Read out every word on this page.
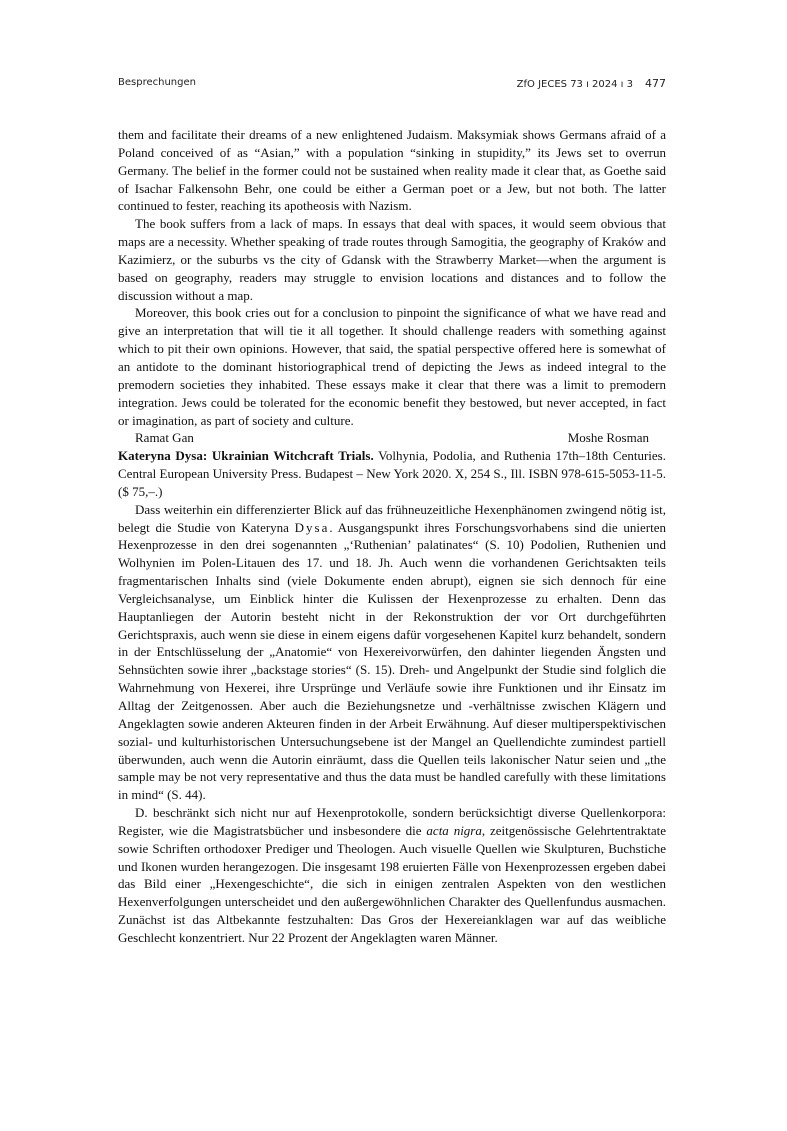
Besprechungen	ZfO JECES 73 ı 2024 ı 3 477

them and facilitate their dreams of a new enlightened Judaism. Maksymiak shows Germans afraid of a Poland conceived of as “Asian,” with a population “sinking in stupidity,” its Jews set to overrun Germany. The belief in the former could not be sustained when reality made it clear that, as Goethe said of Isachar Falkensohn Behr, one could be either a German poet or a Jew, but not both. The latter continued to fester, reaching its apotheosis with Nazism.

The book suffers from a lack of maps. In essays that deal with spaces, it would seem obvious that maps are a necessity. Whether speaking of trade routes through Samogitia, the geography of Kraków and Kazimierz, or the suburbs vs the city of Gdansk with the Strawberry Market—when the argument is based on geography, readers may struggle to envision locations and distances and to follow the discussion without a map.

Moreover, this book cries out for a conclusion to pinpoint the significance of what we have read and give an interpretation that will tie it all together. It should challenge readers with something against which to pit their own opinions. However, that said, the spatial perspective offered here is somewhat of an antidote to the dominant historiographical trend of depicting the Jews as indeed integral to the premodern societies they inhabited. These essays make it clear that there was a limit to premodern integration. Jews could be tolerated for the economic benefit they bestowed, but never accepted, in fact or imagination, as part of society and culture.

Ramat Gan	Moshe Rosman

Kateryna Dysa: Ukrainian Witchcraft Trials. Volhynia, Podolia, and Ruthenia 17th–18th Centuries. Central European University Press. Budapest – New York 2020. X, 254 S., Ill. ISBN 978-615-5053-11-5. ($ 75,–.)

Dass weiterhin ein differenzierter Blick auf das frühneuzeitliche Hexenphänomen zwingend nötig ist, belegt die Studie von Kateryna Dysa. Ausgangspunkt ihres Forschungsvorhabens sind die unierten Hexenprozesse in den drei sogenannten „‘Ruthenian’ palatinates“ (S. 10) Podolien, Ruthenien und Wolhynien im Polen-Litauen des 17. und 18. Jh. Auch wenn die vorhandenen Gerichtsakten teils fragmentarischen Inhalts sind (viele Dokumente enden abrupt), eignen sie sich dennoch für eine Vergleichsanalyse, um Einblick hinter die Kulissen der Hexenprozesse zu erhalten. Denn das Hauptanliegen der Autorin besteht nicht in der Rekonstruktion der vor Ort durchgeführten Gerichtspraxis, auch wenn sie diese in einem eigens dafür vorgesehenen Kapitel kurz behandelt, sondern in der Entschlüsselung der „Anatomie“ von Hexereivorwürfen, den dahinter liegenden Ängsten und Sehnsüchten sowie ihrer „backstage stories“ (S. 15). Dreh- und Angelpunkt der Studie sind folglich die Wahrnehmung von Hexerei, ihre Ursprünge und Verläufe sowie ihre Funktionen und ihr Einsatz im Alltag der Zeitgenossen. Aber auch die Beziehungsnetze und -verhältnisse zwischen Klägern und Angeklagten sowie anderen Akteuren finden in der Arbeit Erwähnung. Auf dieser multiperspektivischen sozial- und kulturhistorischen Untersuchungsebene ist der Mangel an Quellendichte zumindest partiell überwunden, auch wenn die Autorin einräumt, dass die Quellen teils lakonischer Natur seien und „the sample may be not very representative and thus the data must be handled carefully with these limitations in mind“ (S. 44).

D. beschränkt sich nicht nur auf Hexenprotokolle, sondern berücksichtigt diverse Quellenkorpora: Register, wie die Magistratsbücher und insbesondere die acta nigra, zeitgenössische Gelehrtentraktate sowie Schriften orthodoxer Prediger und Theologen. Auch visuelle Quellen wie Skulpturen, Buchstiche und Ikonen wurden herangezogen. Die insgesamt 198 eruierten Fälle von Hexenprozessen ergeben dabei das Bild einer „Hexengeschichte“, die sich in einigen zentralen Aspekten von den westlichen Hexenverfolgungen unterscheidet und den außergewöhnlichen Charakter des Quellenfundus ausmachen. Zunächst ist das Altbekannte festzuhalten: Das Gros der Hexereianklagen war auf das weibliche Geschlecht konzentriert. Nur 22 Prozent der Angeklagten waren Männer.
